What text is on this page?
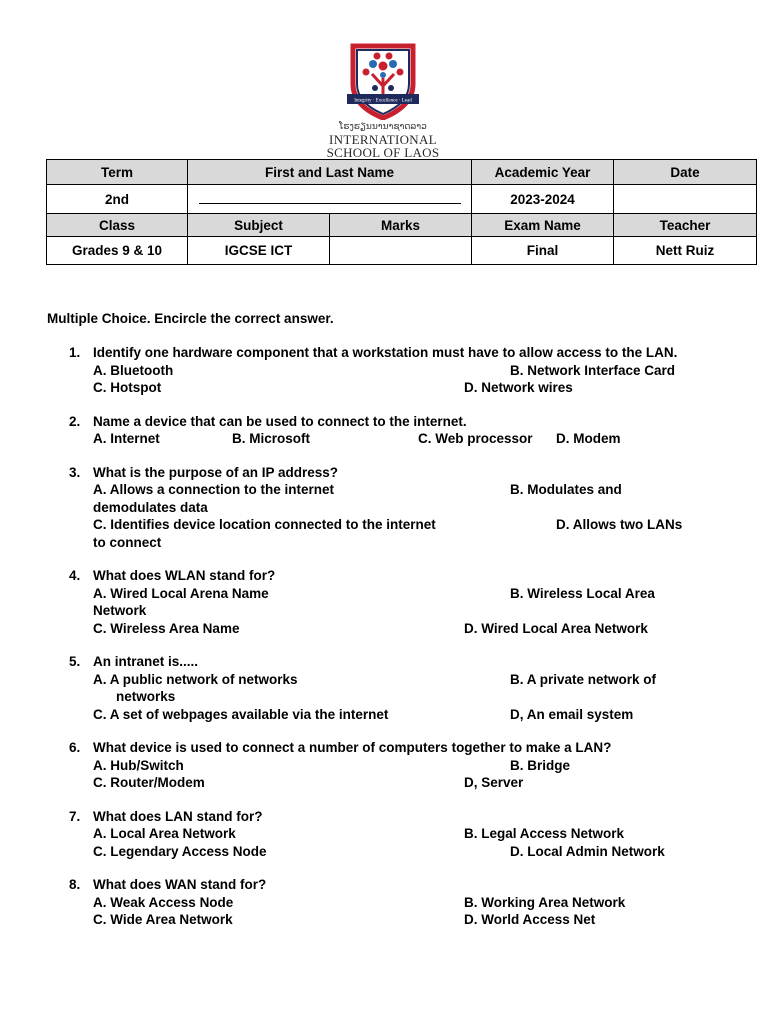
Integrity · Excellence · Lead
ໂຮງຮຽນນານາຊາດລາວ
INTERNATIONAL
SCHOOL OF LAOS
Term	First and Last Name		Academic Year	Date
2nd			2023-2024	
Class	Subject	Marks	Exam Name	Teacher
Grades 9 & 10	IGCSE ICT		Final	Nett Ruiz

Multiple Choice. Encircle the correct answer.

1. Identify one hardware component that a workstation must have to allow access to the LAN.
A. Bluetooth	B. Network Interface Card
C. Hotspot	D. Network wires
2. Name a device that can be used to connect to the internet.
A. Internet	B. Microsoft	C. Web processor D. Modem
3. What is the purpose of an IP address?
A. Allows a connection to the internet	B. Modulates and
demodulates data
C. Identifies device location connected to the internet	D. Allows two LANs
to connect
4. What does WLAN stand for?
A. Wired Local Arena Name	B. Wireless Local Area
Network
C. Wireless Area Name	D. Wired Local Area Network
5. An intranet is.....
A. A public network of networks	B. A private network of
networks
C. A set of webpages available via the internet	D, An email system
6. What device is used to connect a number of computers together to make a LAN?
A. Hub/Switch	B. Bridge
C. Router/Modem	D, Server
7. What does LAN stand for?
A. Local Area Network	B. Legal Access Network
C. Legendary Access Node	D. Local Admin Network
8. What does WAN stand for?
A. Weak Access Node	B. Working Area Network
C. Wide Area Network	D. World Access Net
